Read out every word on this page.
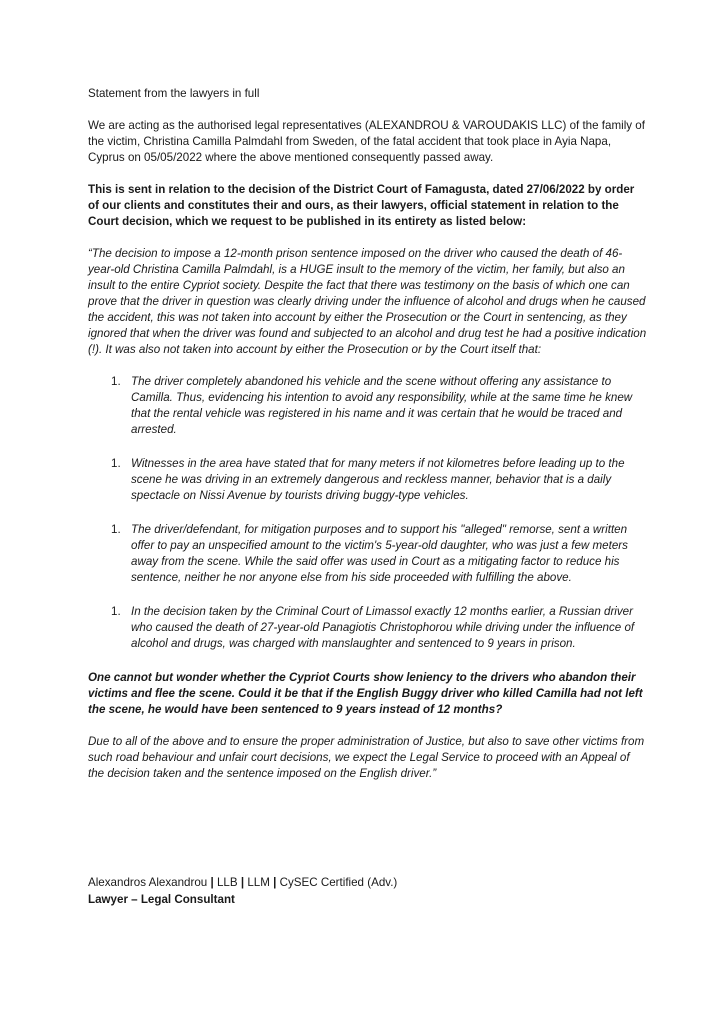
Statement from the lawyers in full

We are acting as the authorised legal representatives (ALEXANDROU & VAROUDAKIS LLC) of the family of the victim, Christina Camilla Palmdahl from Sweden, of the fatal accident that took place in Ayia Napa, Cyprus on 05/05/2022 where the above mentioned consequently passed away.

This is sent in relation to the decision of the District Court of Famagusta, dated 27/06/2022 by order of our clients and constitutes their and ours, as their lawyers, official statement in relation to the Court decision, which we request to be published in its entirety as listed below:

“The decision to impose a 12-month prison sentence imposed on the driver who caused the death of 46-year-old Christina Camilla Palmdahl, is a HUGE insult to the memory of the victim, her family, but also an insult to the entire Cypriot society. Despite the fact that there was testimony on the basis of which one can prove that the driver in question was clearly driving under the influence of alcohol and drugs when he caused the accident, this was not taken into account by either the Prosecution or the Court in sentencing, as they ignored that when the driver was found and subjected to an alcohol and drug test he had a positive indication (!). It was also not taken into account by either the Prosecution or by the Court itself that:

1. The driver completely abandoned his vehicle and the scene without offering any assistance to Camilla. Thus, evidencing his intention to avoid any responsibility, while at the same time he knew that the rental vehicle was registered in his name and it was certain that he would be traced and arrested.
1. Witnesses in the area have stated that for many meters if not kilometres before leading up to the scene he was driving in an extremely dangerous and reckless manner, behavior that is a daily spectacle on Nissi Avenue by tourists driving buggy-type vehicles.
1. The driver/defendant, for mitigation purposes and to support his "alleged" remorse, sent a written offer to pay an unspecified amount to the victim's 5-year-old daughter, who was just a few meters away from the scene. While the said offer was used in Court as a mitigating factor to reduce his sentence, neither he nor anyone else from his side proceeded with fulfilling the above.
1. In the decision taken by the Criminal Court of Limassol exactly 12 months earlier, a Russian driver who caused the death of 27-year-old Panagiotis Christophorou while driving under the influence of alcohol and drugs, was charged with manslaughter and sentenced to 9 years in prison.

One cannot but wonder whether the Cypriot Courts show leniency to the drivers who abandon their victims and flee the scene. Could it be that if the English Buggy driver who killed Camilla had not left the scene, he would have been sentenced to 9 years instead of 12 months?

Due to all of the above and to ensure the proper administration of Justice, but also to save other victims from such road behaviour and unfair court decisions, we expect the Legal Service to proceed with an Appeal of the decision taken and the sentence imposed on the English driver.”

Alexandros Alexandrou | LLB | LLM | CySEC Certified (Adv.)
Lawyer – Legal Consultant
